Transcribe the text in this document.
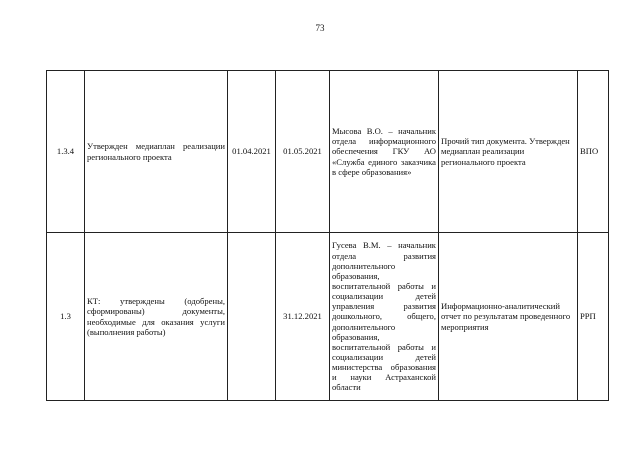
73
1.3.4	Утвержден медиаплан реализации регионального проекта	01.04.2021	01.05.2021	Мысова В.О. – начальник отдела информационного обеспечения ГКУ АО «Служба единого заказчика в сфере образования»	Прочий тип документа. Утвержден медиаплан реализации регионального проекта	ВПО
1.3	КТ: утверждены (одобрены, сформированы) документы, необходимые для оказания услуги (выполнения работы)		31.12.2021	Гусева В.М. – начальник отдела развития дополнительного образования, воспитательной работы и социализации детей управления развития дошкольного, общего, дополнительного образования, воспитательной работы и социализации детей министерства образования и науки Астраханской области	Информационно-аналитический отчет по результатам проведенного мероприятия	РРП
